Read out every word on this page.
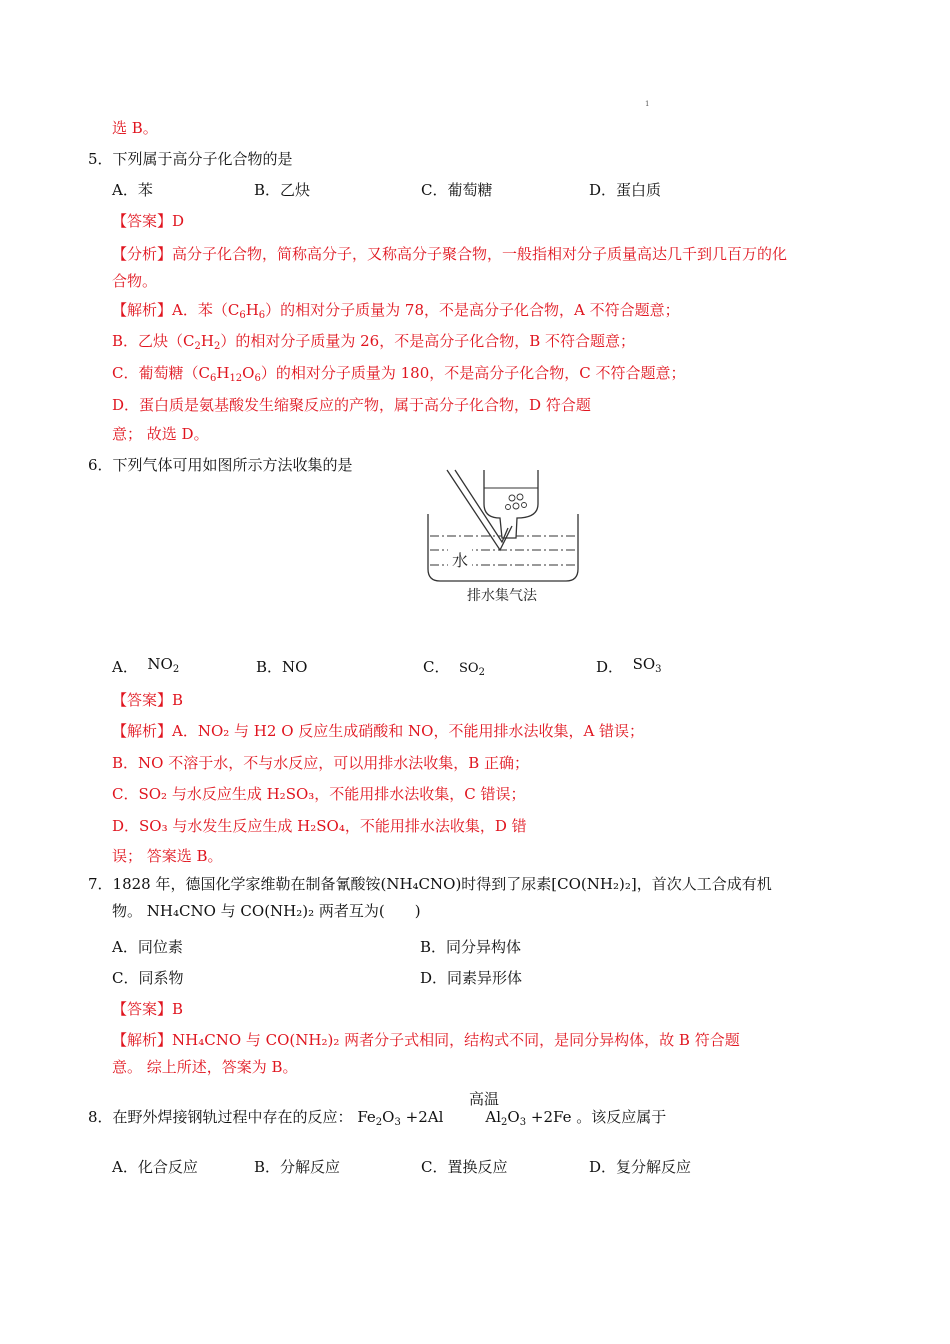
1
选 B。
5．下列属于高分子化合物的是
A．苯	B．乙炔	C．葡萄糖	D．蛋白质
【答案】D
【分析】高分子化合物，简称高分子，又称高分子聚合物，一般指相对分子质量高达几千到几百万的化
合物。
【解析】A．苯$(C_6H_6)$的相对分子质量为 78，不是高分子化合物，A 不符合题意；
B．乙炔$(C_2H_2)$的相对分子质量为 26，不是高分子化合物，B 不符合题意；
C．葡萄糖$(C_6H_{12}O_6)$的相对分子质量为 180，不是高分子化合物，C 不符合题意；
D．蛋白质是氨基酸发生缩聚反应的产物，属于高分子化合物，D 符合题
意； 故选 D。
6．下列气体可用如图所示方法收集的是
水
排水集气法
A． $NO_2$	B．NO	C． $SO_2$	D． $SO_3$
【答案】B
【解析】A．NO₂ 与 H2 O 反应生成硝酸和 NO，不能用排水法收集，A 错误；
B．NO 不溶于水，不与水反应，可以用排水法收集，B 正确；
C．SO₂ 与水反应生成 H₂SO₃，不能用排水法收集，C 错误；
D．SO₃ 与水发生反应生成 H₂SO₄，不能用排水法收集，D 错
误； 答案选 B。
7．1828 年，德国化学家维勒在制备氰酸铵(NH₄CNO)时得到了尿素[CO(NH₂)₂]，首次人工合成有机
物。 NH₄CNO 与 CO(NH₂)₂ 两者互为(　　)
A．同位素	B．同分异构体
C．同系物	D．同素异形体
【答案】B
【解析】NH₄CNO 与 CO(NH₂)₂ 两者分子式相同，结构式不同，是同分异构体，故 B 符合题
意。 综上所述，答案为 B。
高温
8．在野外焊接钢轨过程中存在的反应： $Fe_2O_3 +2Al$	$Al_2O_3 +2Fe$ 。该反应属于
A．化合反应	B．分解反应	C．置换反应	D．复分解反应
